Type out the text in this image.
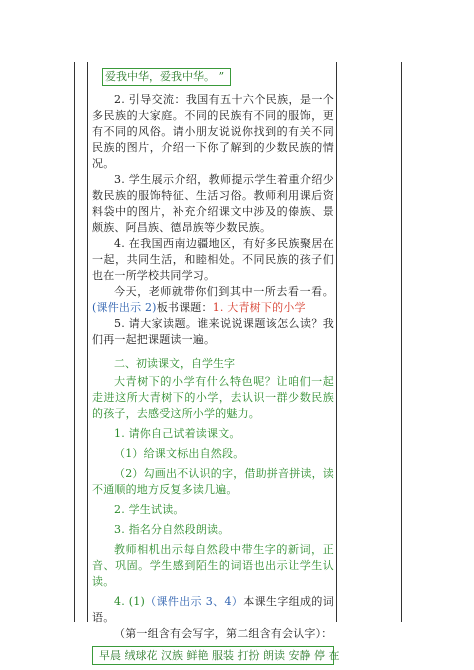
爱我中华，爱我中华。 ”

2. 引导交流：我国有五十六个民族，是一个多民族的大家庭。不同的民族有不同的服饰，更有不同的风俗。请小朋友说说你找到的有关不同民族的图片，介绍一下你了解到的少数民族的情况。

3. 学生展示介绍，教师提示学生着重介绍少数民族的服饰特征、生活习俗。教师利用课后资料袋中的图片，补充介绍课文中涉及的傣族、景颇族、阿昌族、德昂族等少数民族。

4. 在我国西南边疆地区，有好多民族聚居在一起，共同生活，和睦相处。不同民族的孩子们也在一所学校共同学习。

今天，老师就带你们到其中一所去看一看。(课件出示 2)板书课题：1. 大青树下的小学

5. 请大家读题。谁来说说课题该怎么读？我们再一起把课题读一遍。

二、初读课文，自学生字

大青树下的小学有什么特色呢？让咱们一起走进这所大青树下的小学，去认识一群少数民族的孩子，去感受这所小学的魅力。

1. 请你自己试着读课文。

（1）给课文标出自然段。

（2）勾画出不认识的字，借助拼音拼读，读不通顺的地方反复多读几遍。

2. 学生试读。

3. 指名分自然段朗读。

教师相机出示每自然段中带生字的新词，正音、巩固。学生感到陌生的词语也出示让学生认读。

4. (1)（课件出示 3、4）本课生字组成的词语。

（第一组含有会写字，第二组含有会认字）：

早晨 绒球花 汉族 鲜艳 服装 打扮 朗读 安静 停 在
